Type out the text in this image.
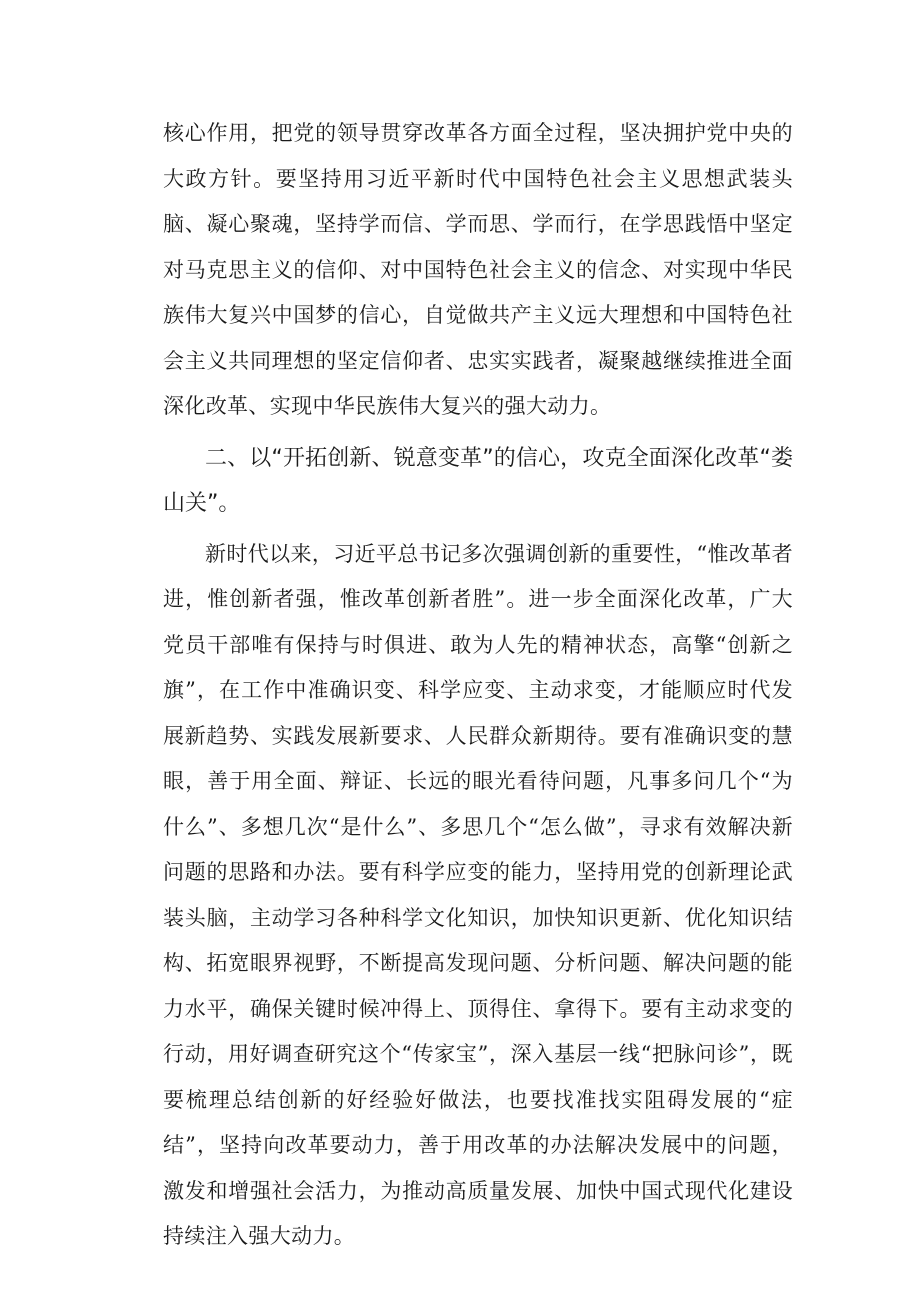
核心作用，把党的领导贯穿改革各方面全过程，坚决拥护党中央的大政方针。要坚持用习近平新时代中国特色社会主义思想武装头脑、凝心聚魂，坚持学而信、学而思、学而行，在学思践悟中坚定对马克思主义的信仰、对中国特色社会主义的信念、对实现中华民族伟大复兴中国梦的信心，自觉做共产主义远大理想和中国特色社会主义共同理想的坚定信仰者、忠实实践者，凝聚越继续推进全面深化改革、实现中华民族伟大复兴的强大动力。

二、以“开拓创新、锐意变革”的信心，攻克全面深化改革“娄山关”。

新时代以来，习近平总书记多次强调创新的重要性，“惟改革者进，惟创新者强，惟改革创新者胜”。进一步全面深化改革，广大党员干部唯有保持与时俱进、敢为人先的精神状态，高擎“创新之旗”，在工作中准确识变、科学应变、主动求变，才能顺应时代发展新趋势、实践发展新要求、人民群众新期待。要有准确识变的慧眼，善于用全面、辩证、长远的眼光看待问题，凡事多问几个“为什么”、多想几次“是什么”、多思几个“怎么做”，寻求有效解决新问题的思路和办法。要有科学应变的能力，坚持用党的创新理论武装头脑，主动学习各种科学文化知识，加快知识更新、优化知识结构、拓宽眼界视野，不断提高发现问题、分析问题、解决问题的能力水平，确保关键时候冲得上、顶得住、拿得下。要有主动求变的行动，用好调查研究这个“传家宝”，深入基层一线“把脉问诊”，既要梳理总结创新的好经验好做法，也要找准找实阻碍发展的“症结”，坚持向改革要动力，善于用改革的办法解决发展中的问题，激发和增强社会活力，为推动高质量发展、加快中国式现代化建设持续注入强大动力。
